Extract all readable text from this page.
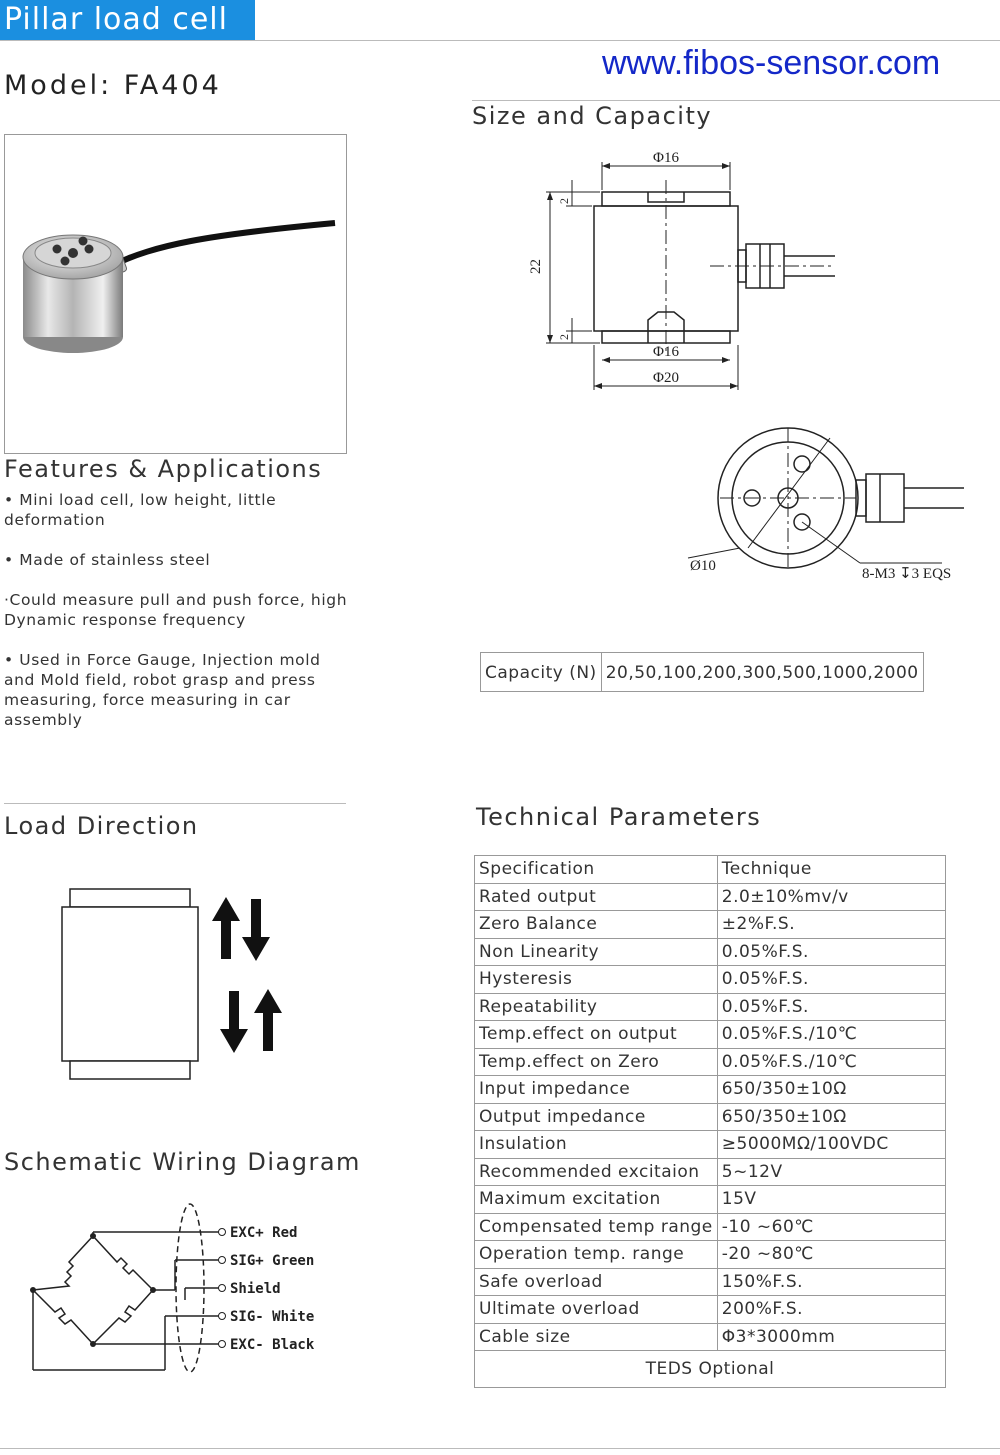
Pillar load cell
Model: FA404
www.fibos-sensor.com
Size and Capacity
Φ16
Φ16
Φ20
22
2
2
Ø10	8-M3 ↧3 EQS
Features & Applications

• Mini load cell, low height, little deformation

• Made of stainless steel

·Could measure pull and push force, high Dynamic response frequency

• Used in Force Gauge, Injection mold and Mold field, robot grasp and press measuring, force measuring in car assembly

Capacity (N)	20,50,100,200,300,500,1000,2000
Load Direction
Schematic Wiring Diagram
EXC+ Red
SIG+ Green
Shield
SIG- White
EXC- Black
Technical Parameters
Specification	Technique
Rated output	2.0±10%mv/v
Zero Balance	±2%F.S.
Non Linearity	0.05%F.S.
Hysteresis	0.05%F.S.
Repeatability	0.05%F.S.
Temp.effect on output	0.05%F.S./10℃
Temp.effect on Zero	0.05%F.S./10℃
Input impedance	650/350±10Ω
Output impedance	650/350±10Ω
Insulation	≥5000MΩ/100VDC
Recommended excitaion	5~12V
Maximum excitation	15V
Compensated temp range	-10 ~60℃
Operation temp. range	-20 ~80℃
Safe overload	150%F.S.
Ultimate overload	200%F.S.
Cable size	Φ3*3000mm
TEDS Optional	
